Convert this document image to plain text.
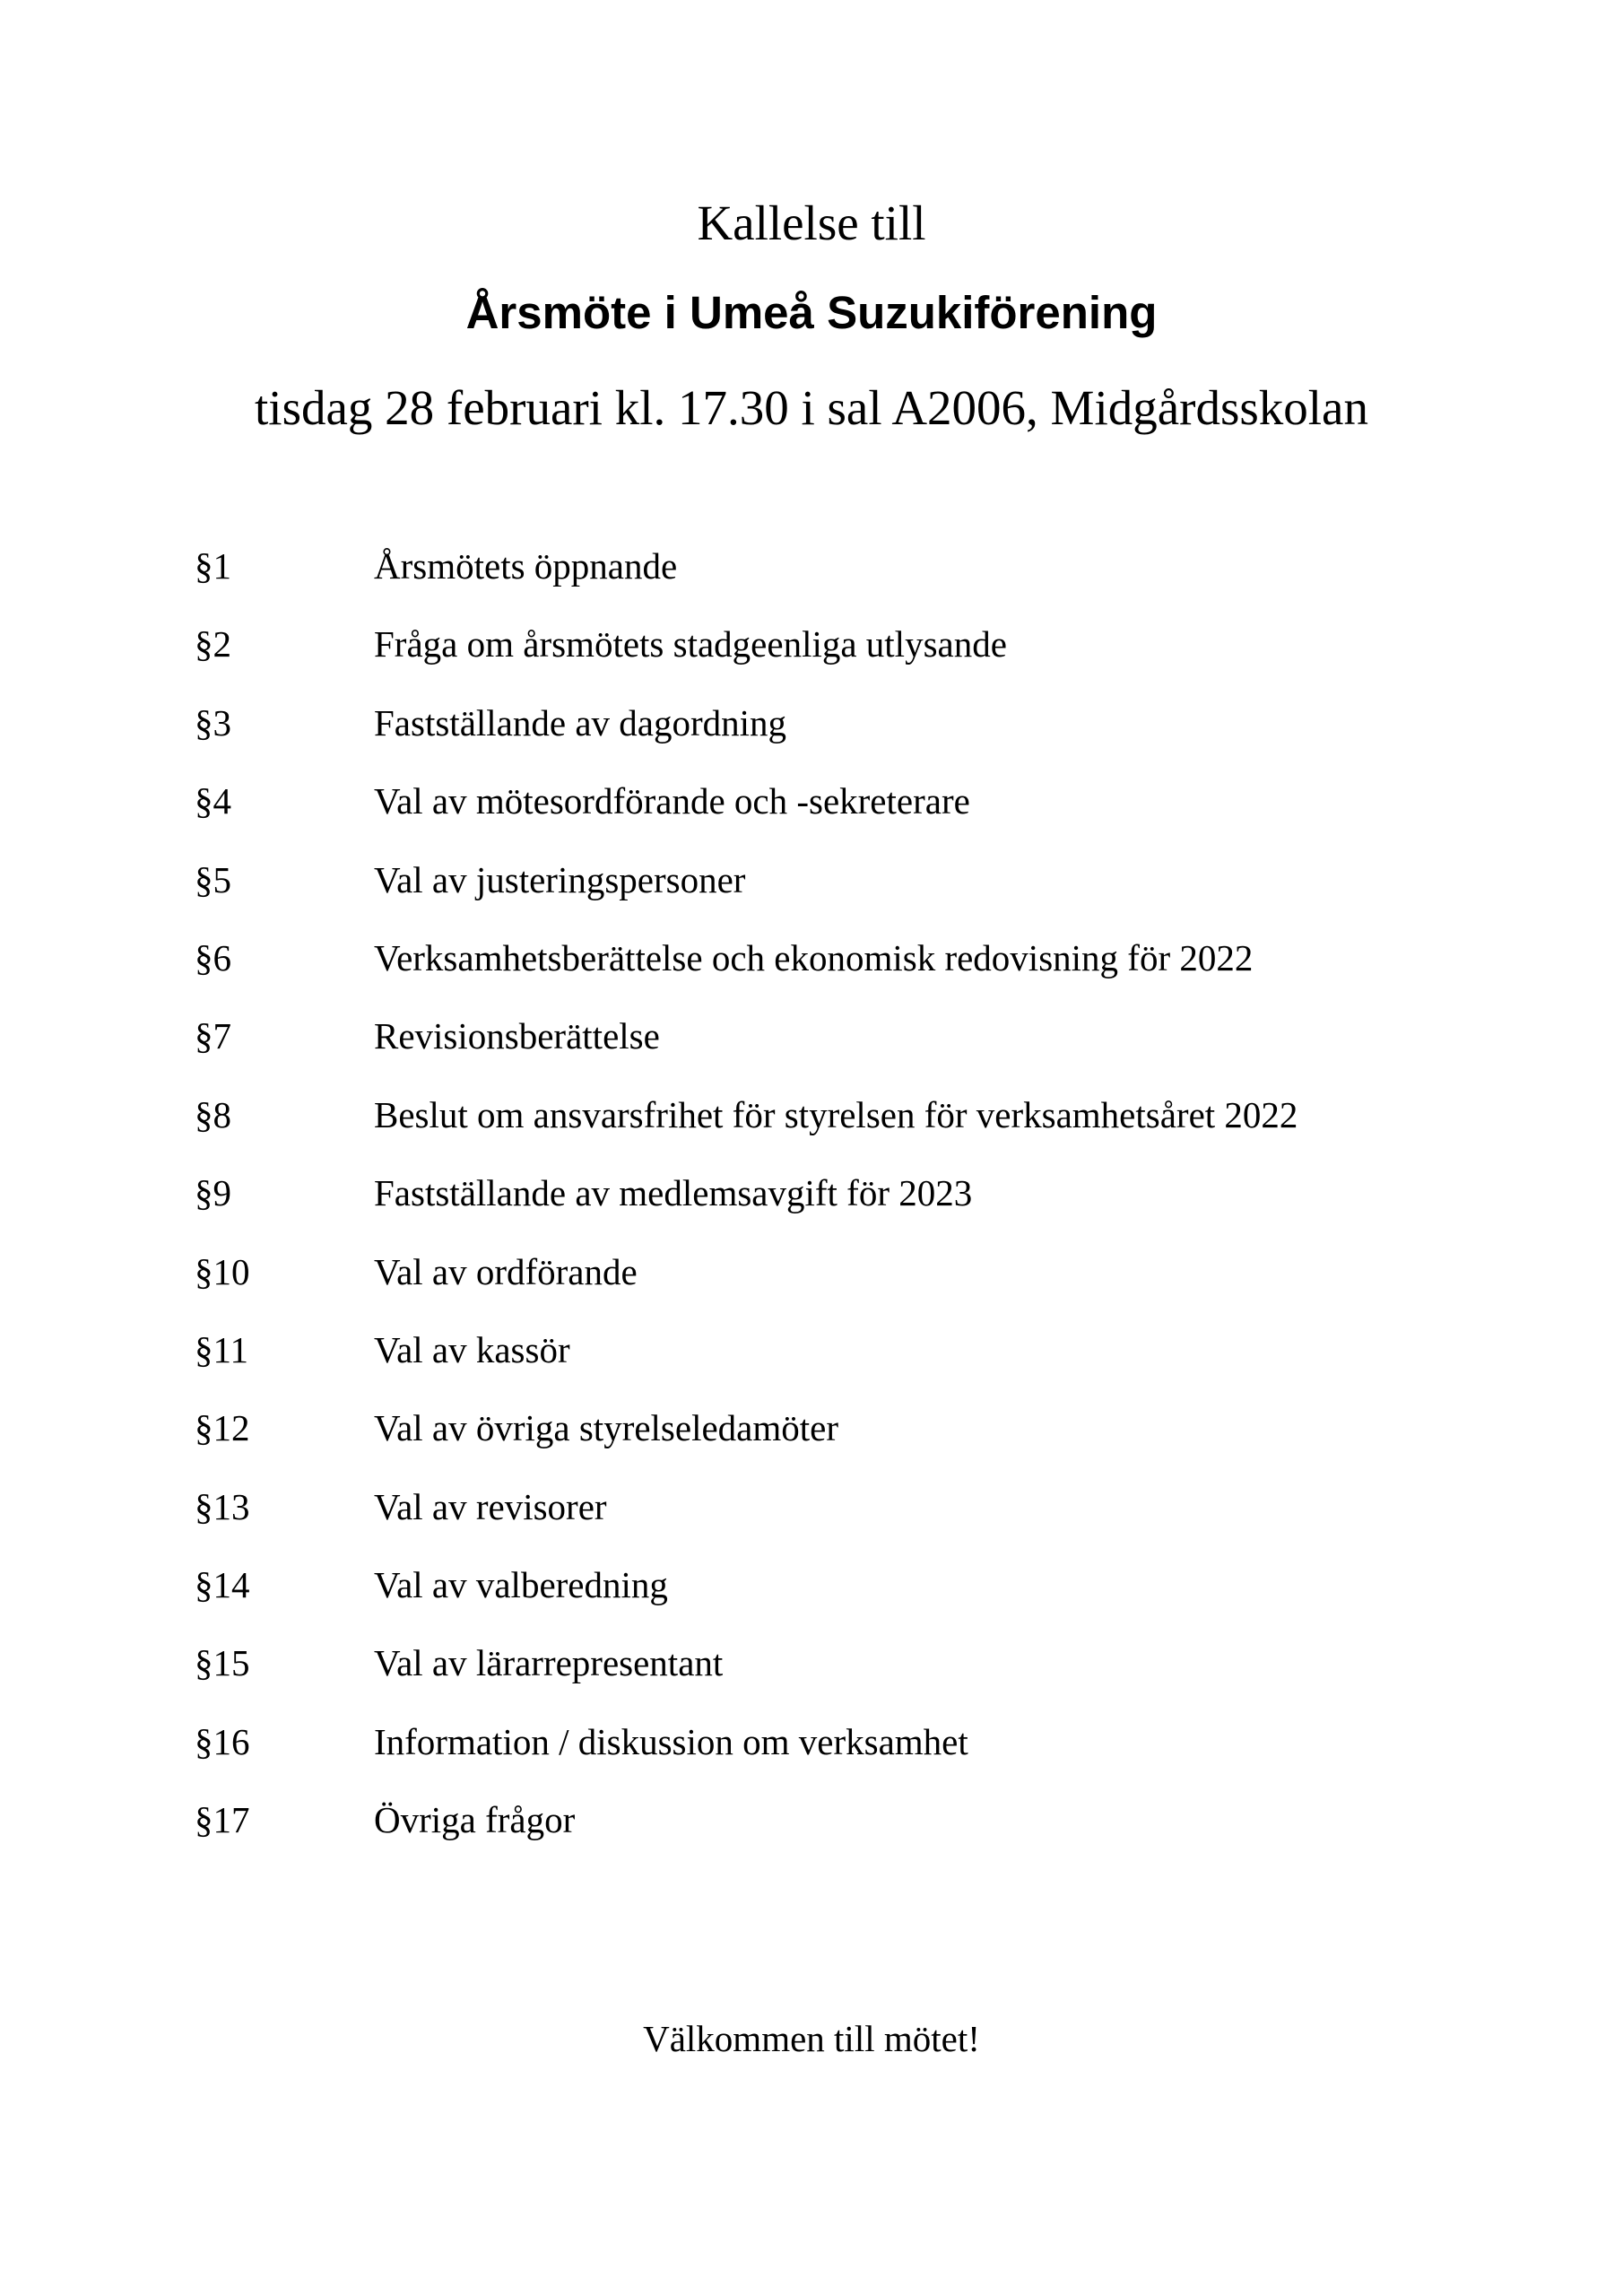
Kallelse till
Årsmöte i Umeå Suzukiförening
tisdag 28 februari kl. 17.30 i sal A2006, Midgårdsskolan
§1	Årsmötets öppnande
§2	Fråga om årsmötets stadgeenliga utlysande
§3	Fastställande av dagordning
§4	Val av mötesordförande och -sekreterare
§5	Val av justeringspersoner
§6	Verksamhetsberättelse och ekonomisk redovisning för 2022
§7	Revisionsberättelse
§8	Beslut om ansvarsfrihet för styrelsen för verksamhetsåret 2022
§9	Fastställande av medlemsavgift för 2023
§10	Val av ordförande
§11	Val av kassör
§12	Val av övriga styrelseledamöter
§13	Val av revisorer
§14	Val av valberedning
§15	Val av lärarrepresentant
§16	Information / diskussion om verksamhet
§17	Övriga frågor
Välkommen till mötet!
